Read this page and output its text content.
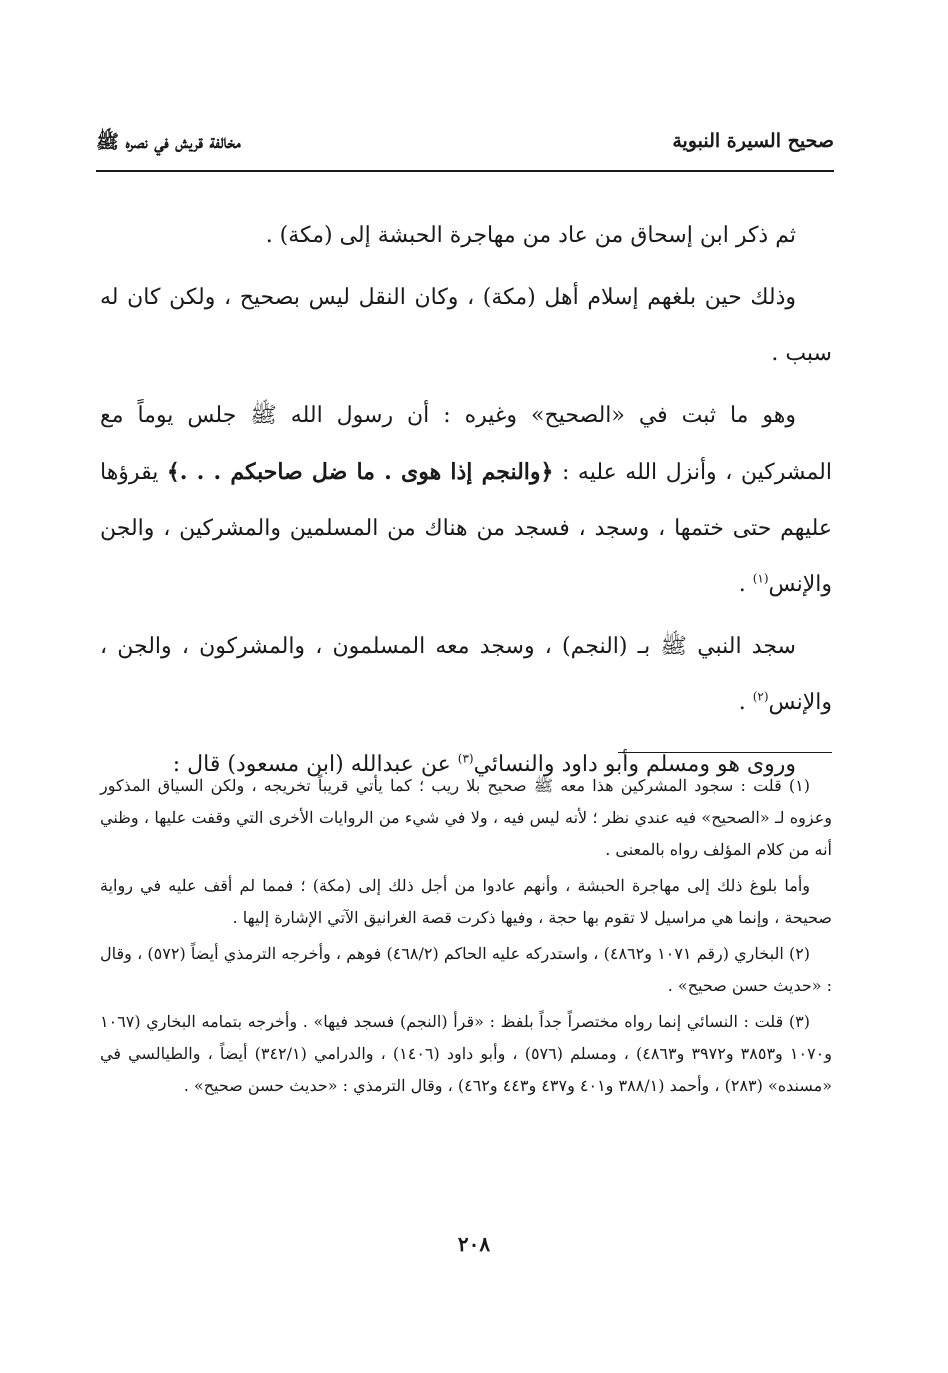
صحيح السيرة النبوية
مخالفة قريش في نصره ﷺ

ثم ذكر ابن إسحاق من عاد من مهاجرة الحبشة إلى (مكة) .

وذلك حين بلغهم إسلام أهل (مكة) ، وكان النقل ليس بصحيح ، ولكن كان له سبب .

وهو ما ثبت في «الصحيح» وغيره : أن رسول الله ﷺ جلس يوماً مع المشركين ، وأنزل الله عليه : ﴿والنجم إذا هوى . ما ضل صاحبكم . . .﴾ يقرؤها عليهم حتى ختمها ، وسجد ، فسجد من هناك من المسلمين والمشركين ، والجن والإنس$^{(١)}$ .

سجد النبي ﷺ بـ (النجم) ، وسجد معه المسلمون ، والمشركون ، والجن ، والإنس$^{(٢)}$ .

وروى هو ومسلم وأبو داود والنسائي$^{(٣)}$ عن عبدالله (ابن مسعود) قال :

(١) قلت : سجود المشركين هذا معه ﷺ صحيح بلا ريب ؛ كما يأتي قريباً تخريجه ، ولكن السياق المذكور وعزوه لـ «الصحيح» فيه عندي نظر ؛ لأنه ليس فيه ، ولا في شيء من الروايات الأخرى التي وقفت عليها ، وظني أنه من كلام المؤلف رواه بالمعنى .

وأما بلوغ ذلك إلى مهاجرة الحبشة ، وأنهم عادوا من أجل ذلك إلى (مكة) ؛ فمما لم أقف عليه في رواية صحيحة ، وإنما هي مراسيل لا تقوم بها حجة ، وفيها ذكرت قصة الغرانيق الآتي الإشارة إليها .

(٢) البخاري (رقم ١٠٧١ و٤٨٦٢) ، واستدركه عليه الحاكم (٤٦٨/٢) فوهم ، وأخرجه الترمذي أيضاً (٥٧٢) ، وقال : «حديث حسن صحيح» .

(٣) قلت : النسائي إنما رواه مختصراً جداً بلفظ : «قرأ (النجم) فسجد فيها» . وأخرجه بتمامه البخاري (١٠٦٧ و١٠٧٠ و٣٨٥٣ و٣٩٧٢ و٤٨٦٣) ، ومسلم (٥٧٦) ، وأبو داود (١٤٠٦) ، والدرامي (٣٤٢/١) أيضاً ، والطيالسي في «مسنده» (٢٨٣) ، وأحمد (٣٨٨/١ و٤٠١ و٤٣٧ و٤٤٣ و٤٦٢) ، وقال الترمذي : «حديث حسن صحيح» .

٢٠٨
